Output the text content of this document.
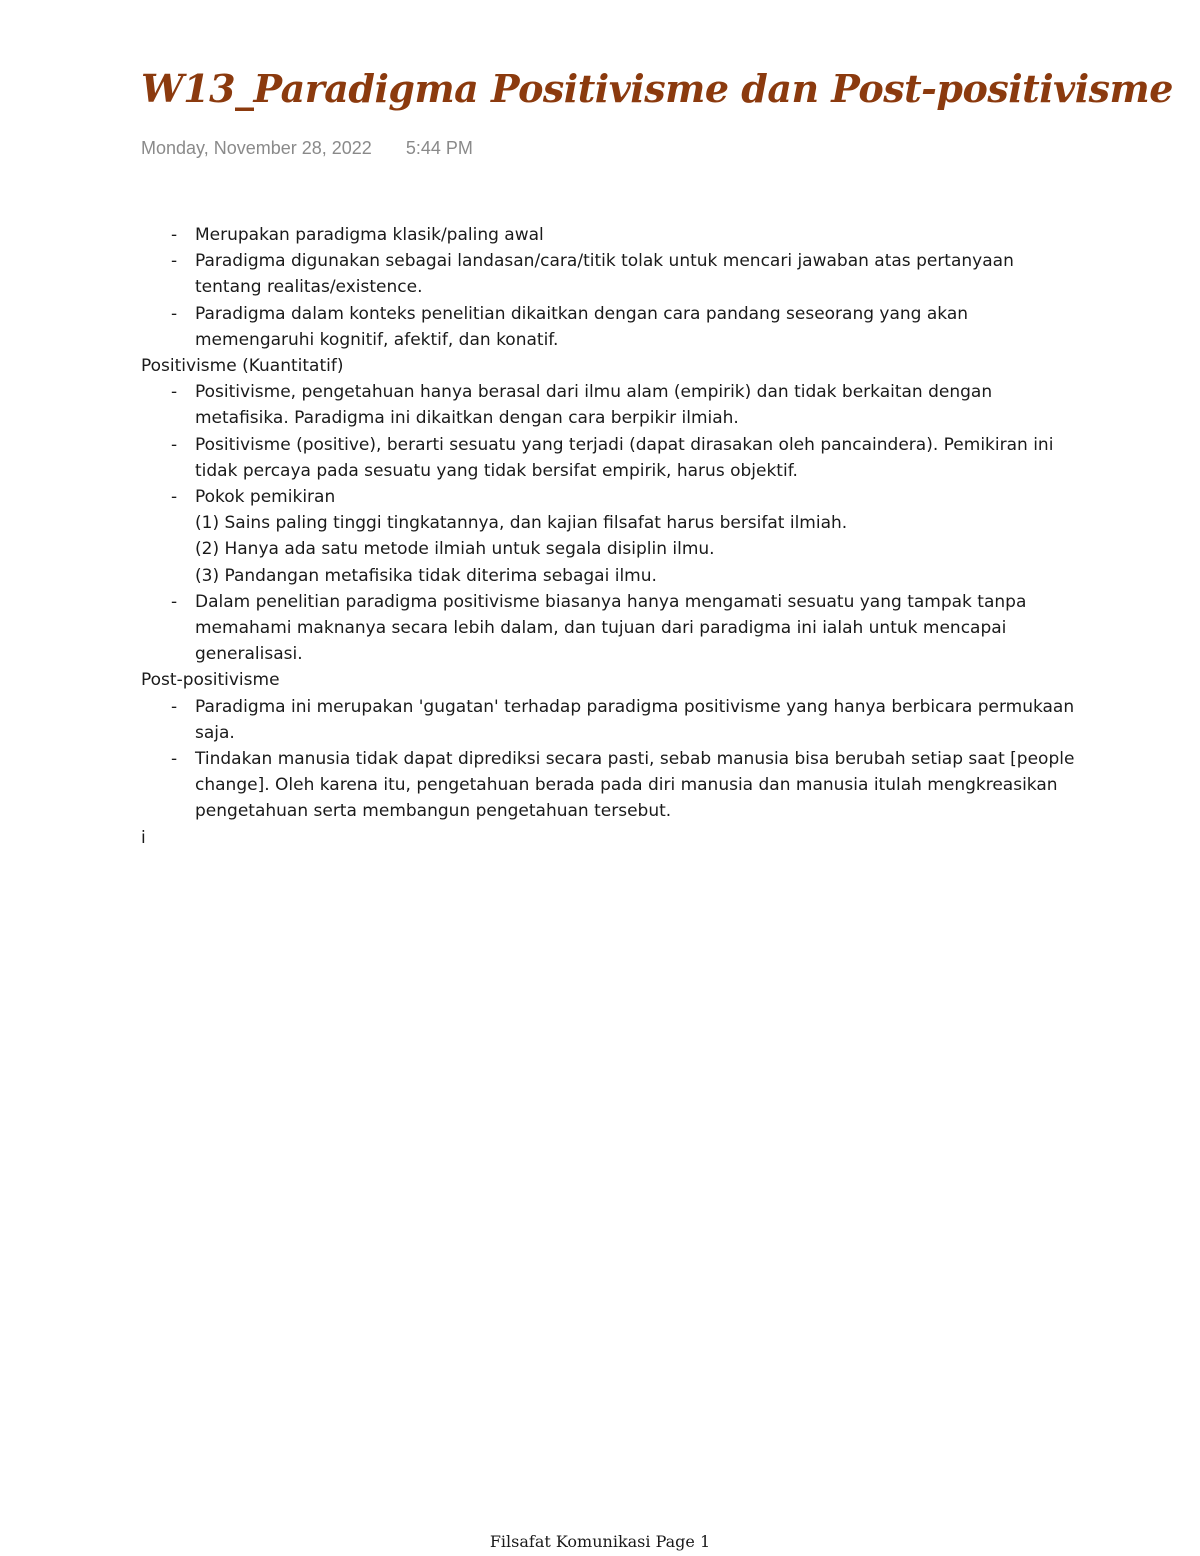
W13_Paradigma Positivisme dan Post-positivisme
Monday, November 28, 2022 5:44 PM
- Merupakan paradigma klasik/paling awal
- Paradigma digunakan sebagai landasan/cara/titik tolak untuk mencari jawaban atas pertanyaan tentang realitas/existence.
- Paradigma dalam konteks penelitian dikaitkan dengan cara pandang seseorang yang akan memengaruhi kognitif, afektif, dan konatif.

Positivisme (Kuantitatif)

- Positivisme, pengetahuan hanya berasal dari ilmu alam (empirik) dan tidak berkaitan dengan metafisika. Paradigma ini dikaitkan dengan cara berpikir ilmiah.
- Positivisme (positive), berarti sesuatu yang terjadi (dapat dirasakan oleh pancaindera). Pemikiran ini tidak percaya pada sesuatu yang tidak bersifat empirik, harus objektif.
- Pokok pemikiran
(1) Sains paling tinggi tingkatannya, dan kajian filsafat harus bersifat ilmiah.
(2) Hanya ada satu metode ilmiah untuk segala disiplin ilmu.
(3) Pandangan metafisika tidak diterima sebagai ilmu.
- Dalam penelitian paradigma positivisme biasanya hanya mengamati sesuatu yang tampak tanpa memahami maknanya secara lebih dalam, dan tujuan dari paradigma ini ialah untuk mencapai generalisasi.

Post-positivisme

- Paradigma ini merupakan 'gugatan' terhadap paradigma positivisme yang hanya berbicara permukaan saja.
- Tindakan manusia tidak dapat diprediksi secara pasti, sebab manusia bisa berubah setiap saat [people change]. Oleh karena itu, pengetahuan berada pada diri manusia dan manusia itulah mengkreasikan pengetahuan serta membangun pengetahuan tersebut.

i

Filsafat Komunikasi Page 1
